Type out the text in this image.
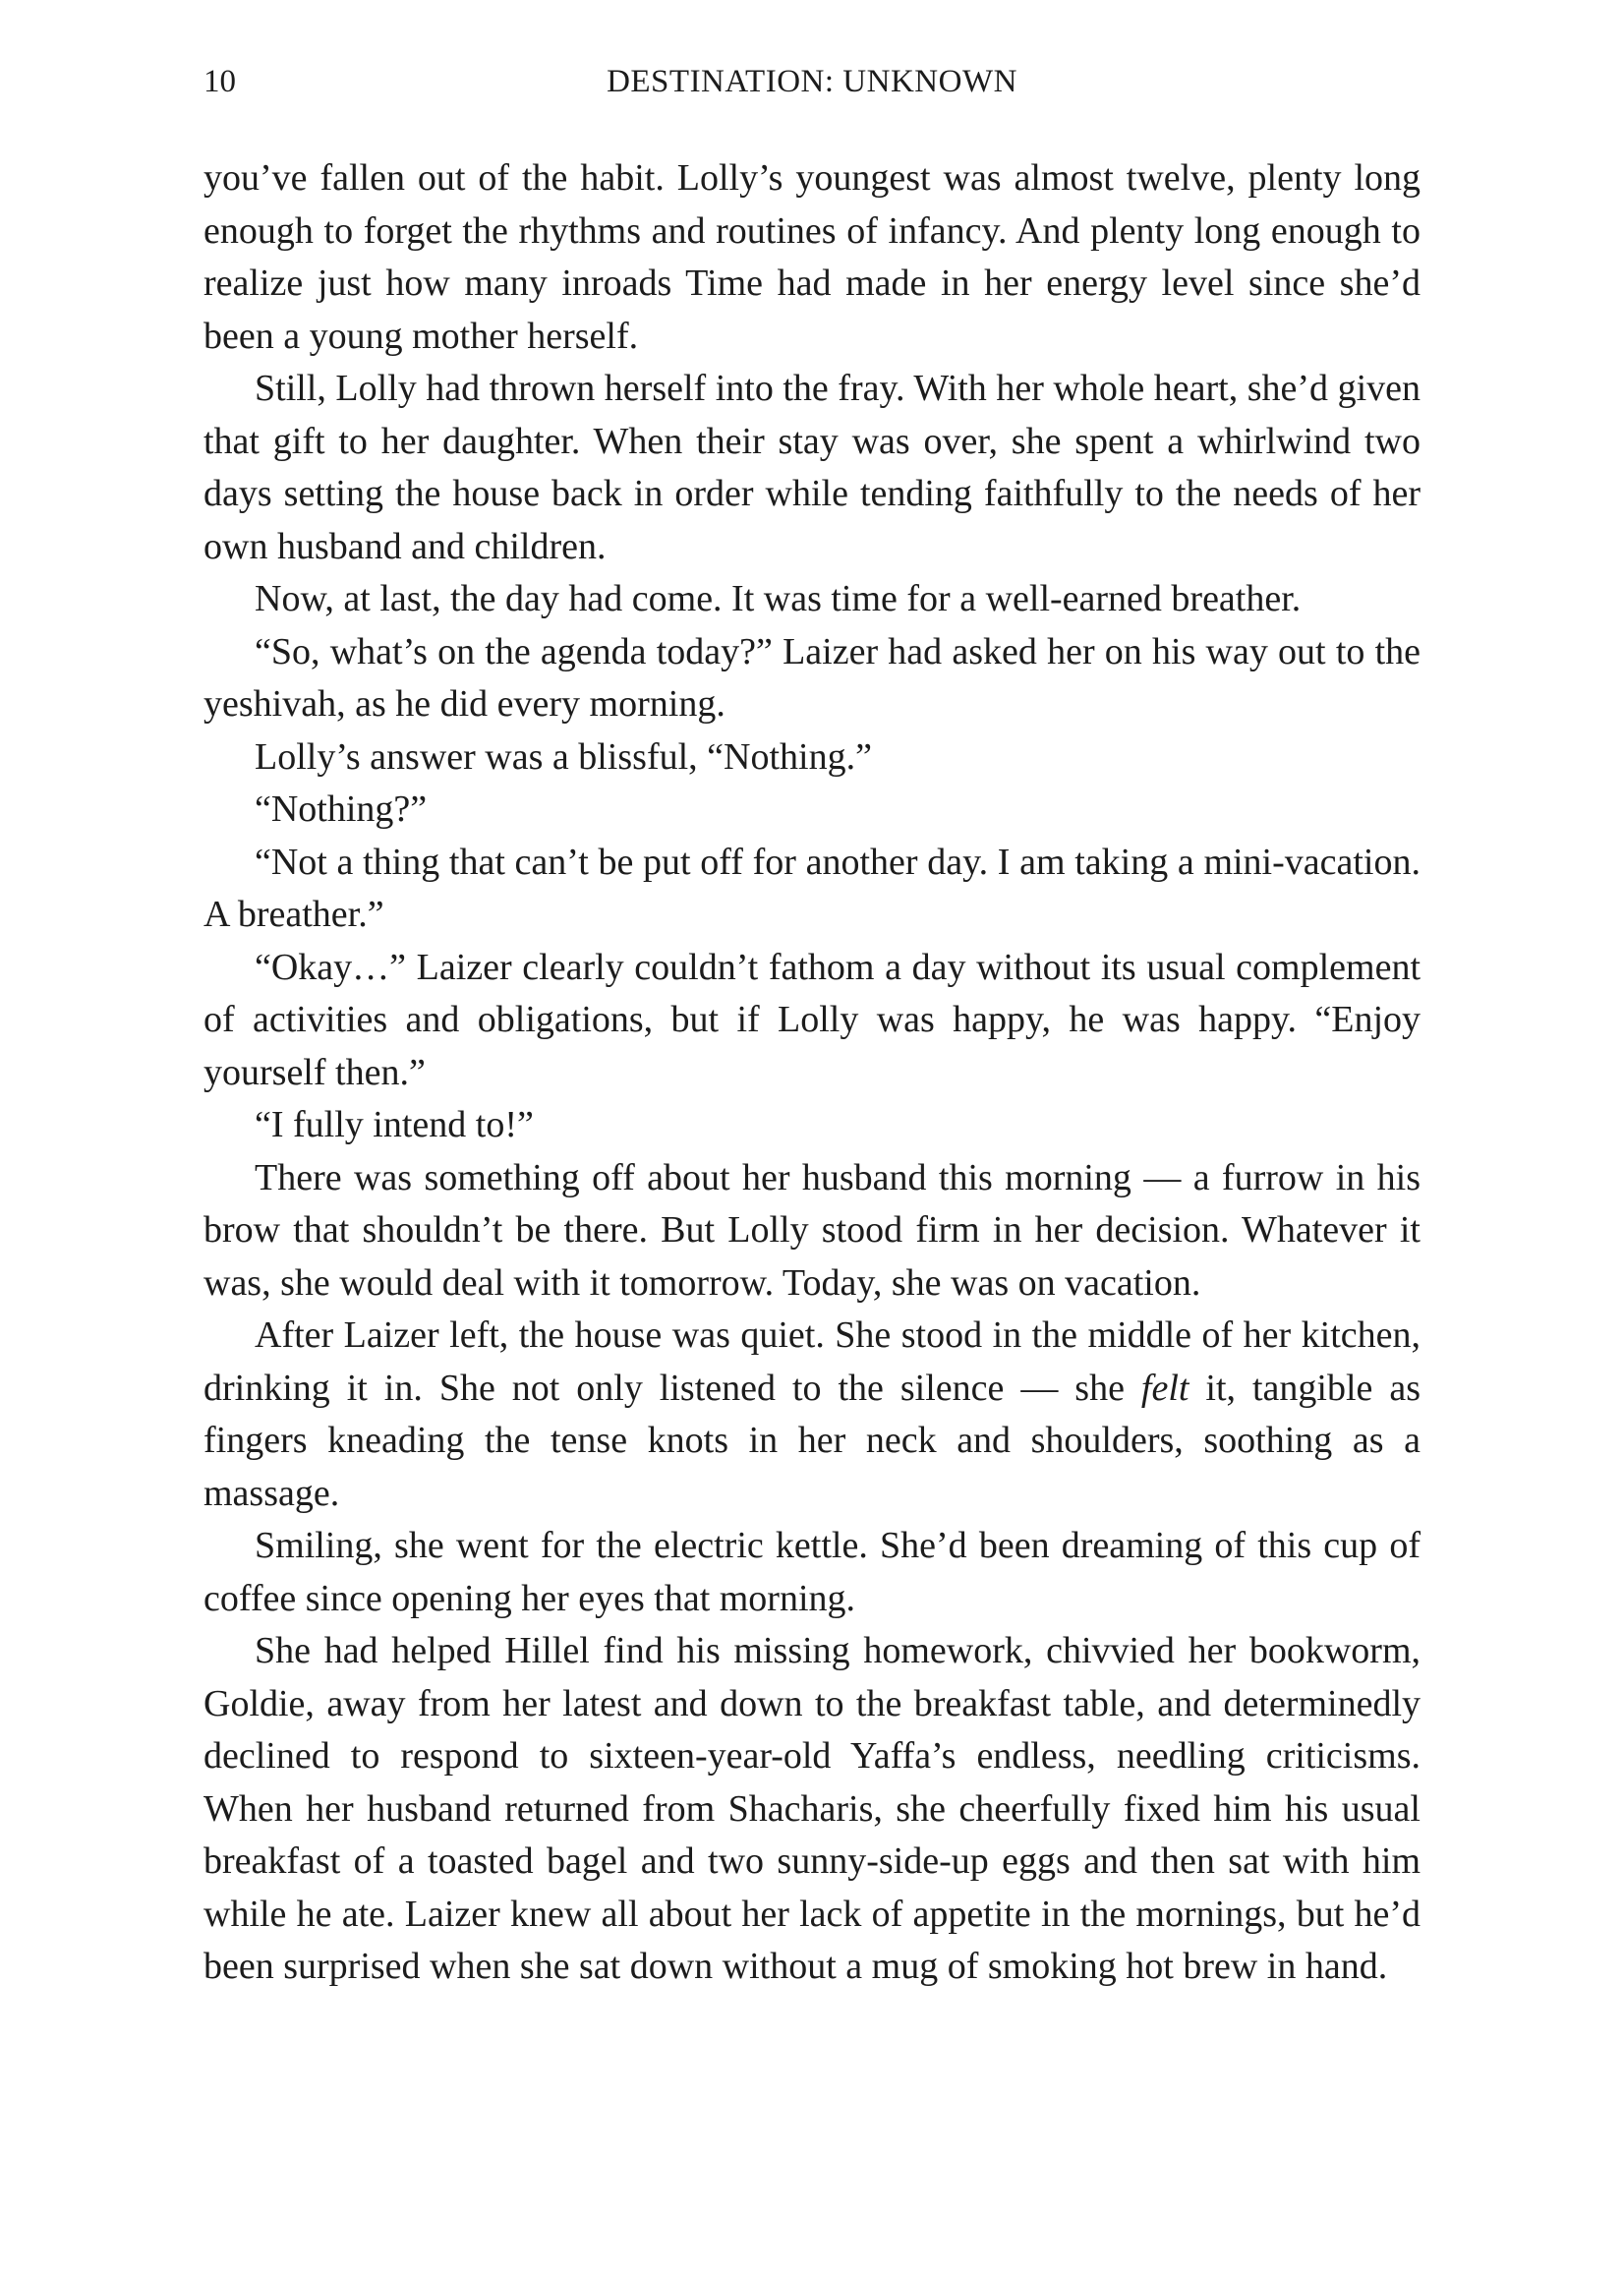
10	DESTINATION: UNKNOWN

you’ve fallen out of the habit. Lolly’s youngest was almost twelve, plenty long enough to forget the rhythms and routines of infancy. And plenty long enough to realize just how many inroads Time had made in her energy level since she’d been a young mother herself.

Still, Lolly had thrown herself into the fray. With her whole heart, she’d given that gift to her daughter. When their stay was over, she spent a whirlwind two days setting the house back in order while tending faithfully to the needs of her own husband and children.

Now, at last, the day had come. It was time for a well-earned breather.

“So, what’s on the agenda today?” Laizer had asked her on his way out to the yeshivah, as he did every morning.

Lolly’s answer was a blissful, “Nothing.”

“Nothing?”

“Not a thing that can’t be put off for another day. I am taking a mini-vacation. A breather.”

“Okay…” Laizer clearly couldn’t fathom a day without its usual complement of activities and obligations, but if Lolly was happy, he was happy. “Enjoy yourself then.”

“I fully intend to!”

There was something off about her husband this morning — a furrow in his brow that shouldn’t be there. But Lolly stood firm in her decision. Whatever it was, she would deal with it tomorrow. Today, she was on vacation.

After Laizer left, the house was quiet. She stood in the middle of her kitchen, drinking it in. She not only listened to the silence — she felt it, tangible as fingers kneading the tense knots in her neck and shoulders, soothing as a massage.

Smiling, she went for the electric kettle. She’d been dreaming of this cup of coffee since opening her eyes that morning.

She had helped Hillel find his missing homework, chivvied her bookworm, Goldie, away from her latest and down to the breakfast table, and determinedly declined to respond to sixteen-year-old Yaffa’s endless, needling criticisms. When her husband returned from Shacharis, she cheerfully fixed him his usual breakfast of a toasted bagel and two sunny-side-up eggs and then sat with him while he ate. Laizer knew all about her lack of appetite in the mornings, but he’d been surprised when she sat down without a mug of smoking hot brew in hand.
